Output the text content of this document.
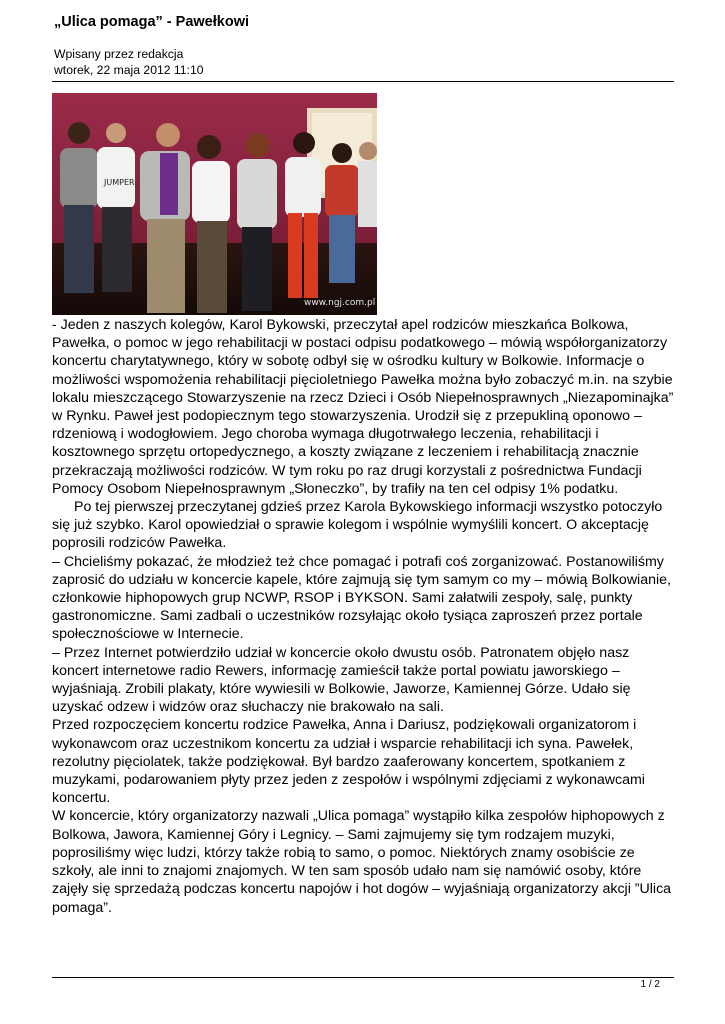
„Ulica pomaga” - Pawełkowi
Wpisany przez redakcja
wtorek, 22 maja 2012 11:10
JUMPER
www.ngj.com.pl

- Jeden z naszych kolegów, Karol Bykowski, przeczytał apel rodziców mieszkańca Bolkowa, Pawełka, o pomoc w jego rehabilitacji w postaci odpisu podatkowego – mówią współorganizatorzy koncertu charytatywnego, który w sobotę odbył się w ośrodku kultury w Bolkowie. Informacje o możliwości wspomożenia rehabilitacji pięcioletniego Pawełka można było zobaczyć m.in. na szybie lokalu mieszczącego Stowarzyszenie na rzecz Dzieci i Osób Niepełnosprawnych „Niezapominajka” w Rynku. Paweł jest podopiecznym tego stowarzyszenia. Urodził się z przepukliną oponowo –rdzeniową i wodogłowiem. Jego choroba wymaga długotrwałego leczenia, rehabilitacji i kosztownego sprzętu ortopedycznego, a koszty związane z leczeniem i rehabilitacją znacznie przekraczają możliwości rodziców. W tym roku po raz drugi korzystali z pośrednictwa Fundacji Pomocy Osobom Niepełnosprawnym „Słoneczko”, by trafiły na ten cel odpisy 1% podatku.

Po tej pierwszej przeczytanej gdzieś przez Karola Bykowskiego informacji wszystko potoczyło się już szybko. Karol opowiedział o sprawie kolegom i wspólnie wymyślili koncert. O akceptację poprosili rodziców Pawełka.

– Chcieliśmy pokazać, że młodzież też chce pomagać i potrafi coś zorganizować. Postanowiliśmy zaprosić do udziału w koncercie kapele, które zajmują się tym samym co my – mówią Bolkowianie, członkowie hiphopowych grup NCWP, RSOP i BYKSON. Sami załatwili zespoły, salę, punkty gastronomiczne. Sami zadbali o uczestników rozsyłając około tysiąca zaproszeń przez portale społecznościowe w Internecie.

– Przez Internet potwierdziło udział w koncercie około dwustu osób. Patronatem objęło nasz koncert internetowe radio Rewers, informację zamieścił także portal powiatu jaworskiego – wyjaśniają. Zrobili plakaty, które wywiesili w Bolkowie, Jaworze, Kamiennej Górze. Udało się uzyskać odzew i widzów oraz słuchaczy nie brakowało na sali.

Przed rozpoczęciem koncertu rodzice Pawełka, Anna i Dariusz, podziękowali organizatorom i wykonawcom oraz uczestnikom koncertu za udział i wsparcie rehabilitacji ich syna. Pawełek, rezolutny pięciolatek, także podziękował. Był bardzo zaaferowany koncertem, spotkaniem z muzykami, podarowaniem płyty przez jeden z zespołów i wspólnymi zdjęciami z wykonawcami koncertu.

W koncercie, który organizatorzy nazwali „Ulica pomaga” wystąpiło kilka zespołów hiphopowych z Bolkowa, Jawora, Kamiennej Góry i Legnicy. – Sami zajmujemy się tym rodzajem muzyki, poprosiliśmy więc ludzi, którzy także robią to samo, o pomoc. Niektórych znamy osobiście ze szkoły, ale inni to znajomi znajomych. W ten sam sposób udało nam się namówić osoby, które zajęły się sprzedażą podczas koncertu napojów i hot dogów – wyjaśniają organizatorzy akcji ”Ulica pomaga”.

1 / 2
